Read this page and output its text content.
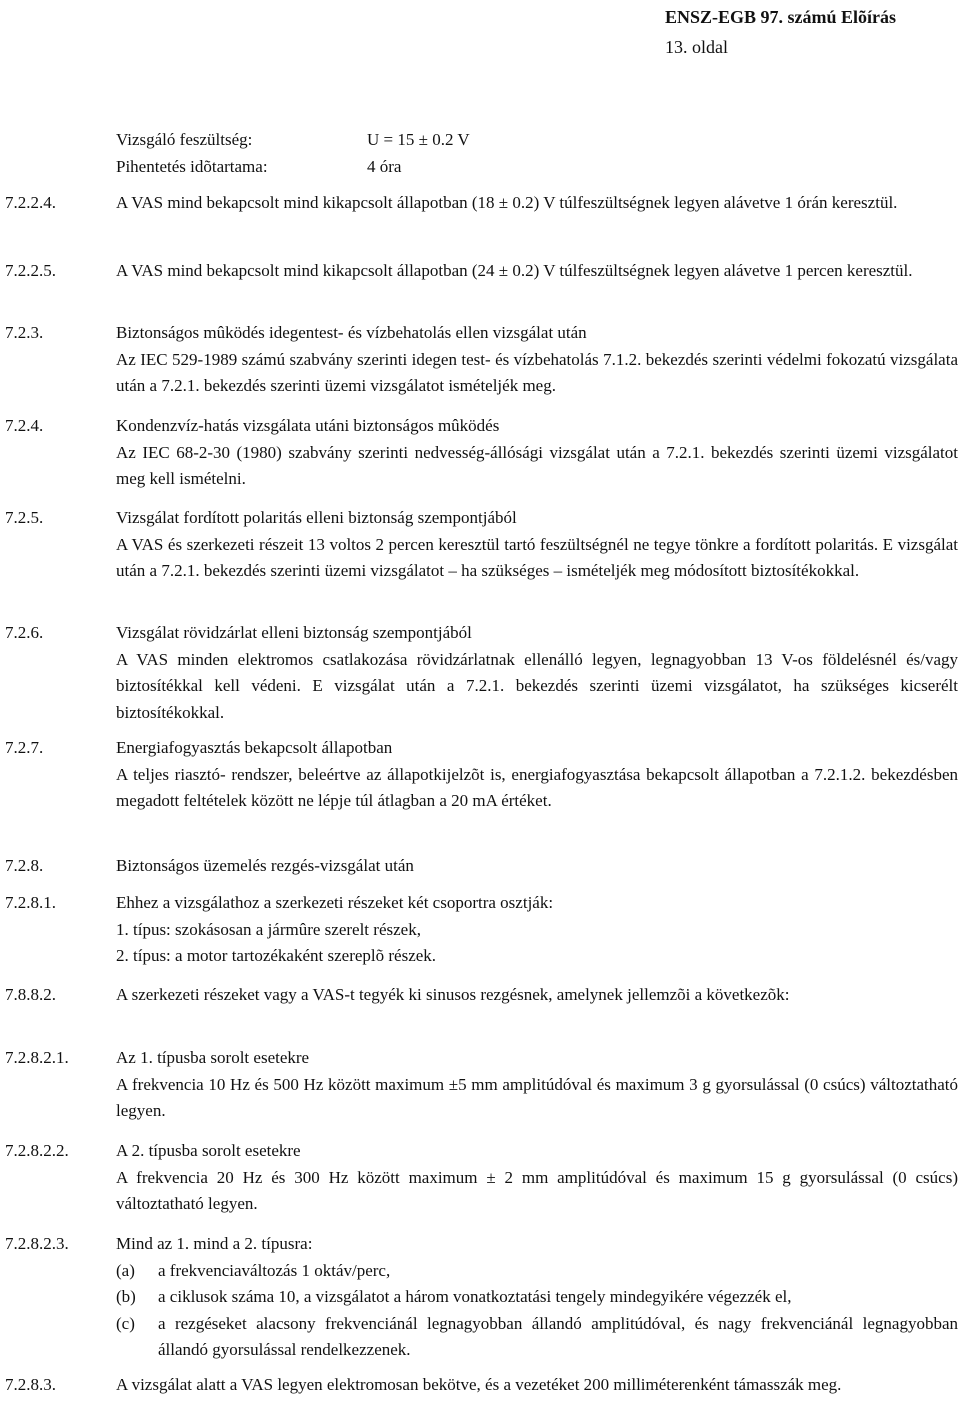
ENSZ-EGB 97. számú Elõírás
13. oldal
Vizsgáló feszültség:	U = 15 ± 0.2 V
Pihentetés idõtartama:	4 óra
7.2.2.4.	A VAS mind bekapcsolt mind kikapcsolt állapotban (18 ± 0.2) V túlfeszültségnek legyen alávetve 1 órán keresztül.

7.2.2.5.	A VAS mind bekapcsolt mind kikapcsolt állapotban (24 ± 0.2) V túlfeszültségnek legyen alávetve 1 percen keresztül.

7.2.3.	Biztonságos mûködés idegentest- és vízbehatolás ellen vizsgálat után

Az IEC 529-1989 számú szabvány szerinti idegen test- és vízbehatolás 7.1.2. bekezdés szerinti védelmi fokozatú vizsgálata után a 7.2.1. bekezdés szerinti üzemi vizsgálatot ismételjék meg.

7.2.4.	Kondenzvíz-hatás vizsgálata utáni biztonságos mûködés

Az IEC 68-2-30 (1980) szabvány szerinti nedvesség-állósági vizsgálat után a 7.2.1. bekezdés szerinti üzemi vizsgálatot meg kell ismételni.

7.2.5.	Vizsgálat fordított polaritás elleni biztonság szempontjából

A VAS és szerkezeti részeit 13 voltos 2 percen keresztül tartó feszültségnél ne tegye tönkre a fordított polaritás. E vizsgálat után a 7.2.1. bekezdés szerinti üzemi vizsgálatot – ha szükséges – ismételjék meg módosított biztosítékokkal.

7.2.6.	Vizsgálat rövidzárlat elleni biztonság szempontjából

A VAS minden elektromos csatlakozása rövidzárlatnak ellenálló legyen, legnagyobban 13 V-os földelésnél és/vagy biztosítékkal kell védeni. E vizsgálat után a 7.2.1. bekezdés szerinti üzemi vizsgálatot, ha szükséges kicserélt biztosítékokkal.

7.2.7.	Energiafogyasztás bekapcsolt állapotban

A teljes riasztó- rendszer, beleértve az állapotkijelzõt is, energiafogyasztása bekapcsolt állapotban a 7.2.1.2. bekezdésben megadott feltételek között ne lépje túl átlagban a 20 mA értéket.

7.2.8.	Biztonságos üzemelés rezgés-vizsgálat után

7.2.8.1.	Ehhez a vizsgálathoz a szerkezeti részeket két csoportra osztják:

1. típus: szokásosan a jármûre szerelt részek,

2. típus: a motor tartozékaként szereplõ részek.

7.8.8.2.	A szerkezeti részeket vagy a VAS-t tegyék ki sinusos rezgésnek, amelynek jellemzõi a következõk:

7.2.8.2.1.	Az 1. típusba sorolt esetekre

A frekvencia 10 Hz és 500 Hz között maximum ±5 mm amplitúdóval és maximum 3 g gyorsulással (0 csúcs) változtatható legyen.

7.2.8.2.2.	A 2. típusba sorolt esetekre

A frekvencia 20 Hz és 300 Hz között maximum ± 2 mm amplitúdóval és maximum 15 g gyorsulással (0 csúcs) változtatható legyen.

7.2.8.2.3.	Mind az 1. mind a 2. típusra:

(a)	a frekvenciaváltozás 1 oktáv/perc,
(b)	a ciklusok száma 10, a vizsgálatot a három vonatkoztatási tengely mindegyikére végezzék el,
(c)	a rezgéseket alacsony frekvenciánál legnagyobban állandó amplitúdóval, és nagy frekvenciánál legnagyobban állandó gyorsulással rendelkezzenek.
7.2.8.3.	A vizsgálat alatt a VAS legyen elektromosan bekötve, és a vezetéket 200 milliméterenként támasszák meg.
